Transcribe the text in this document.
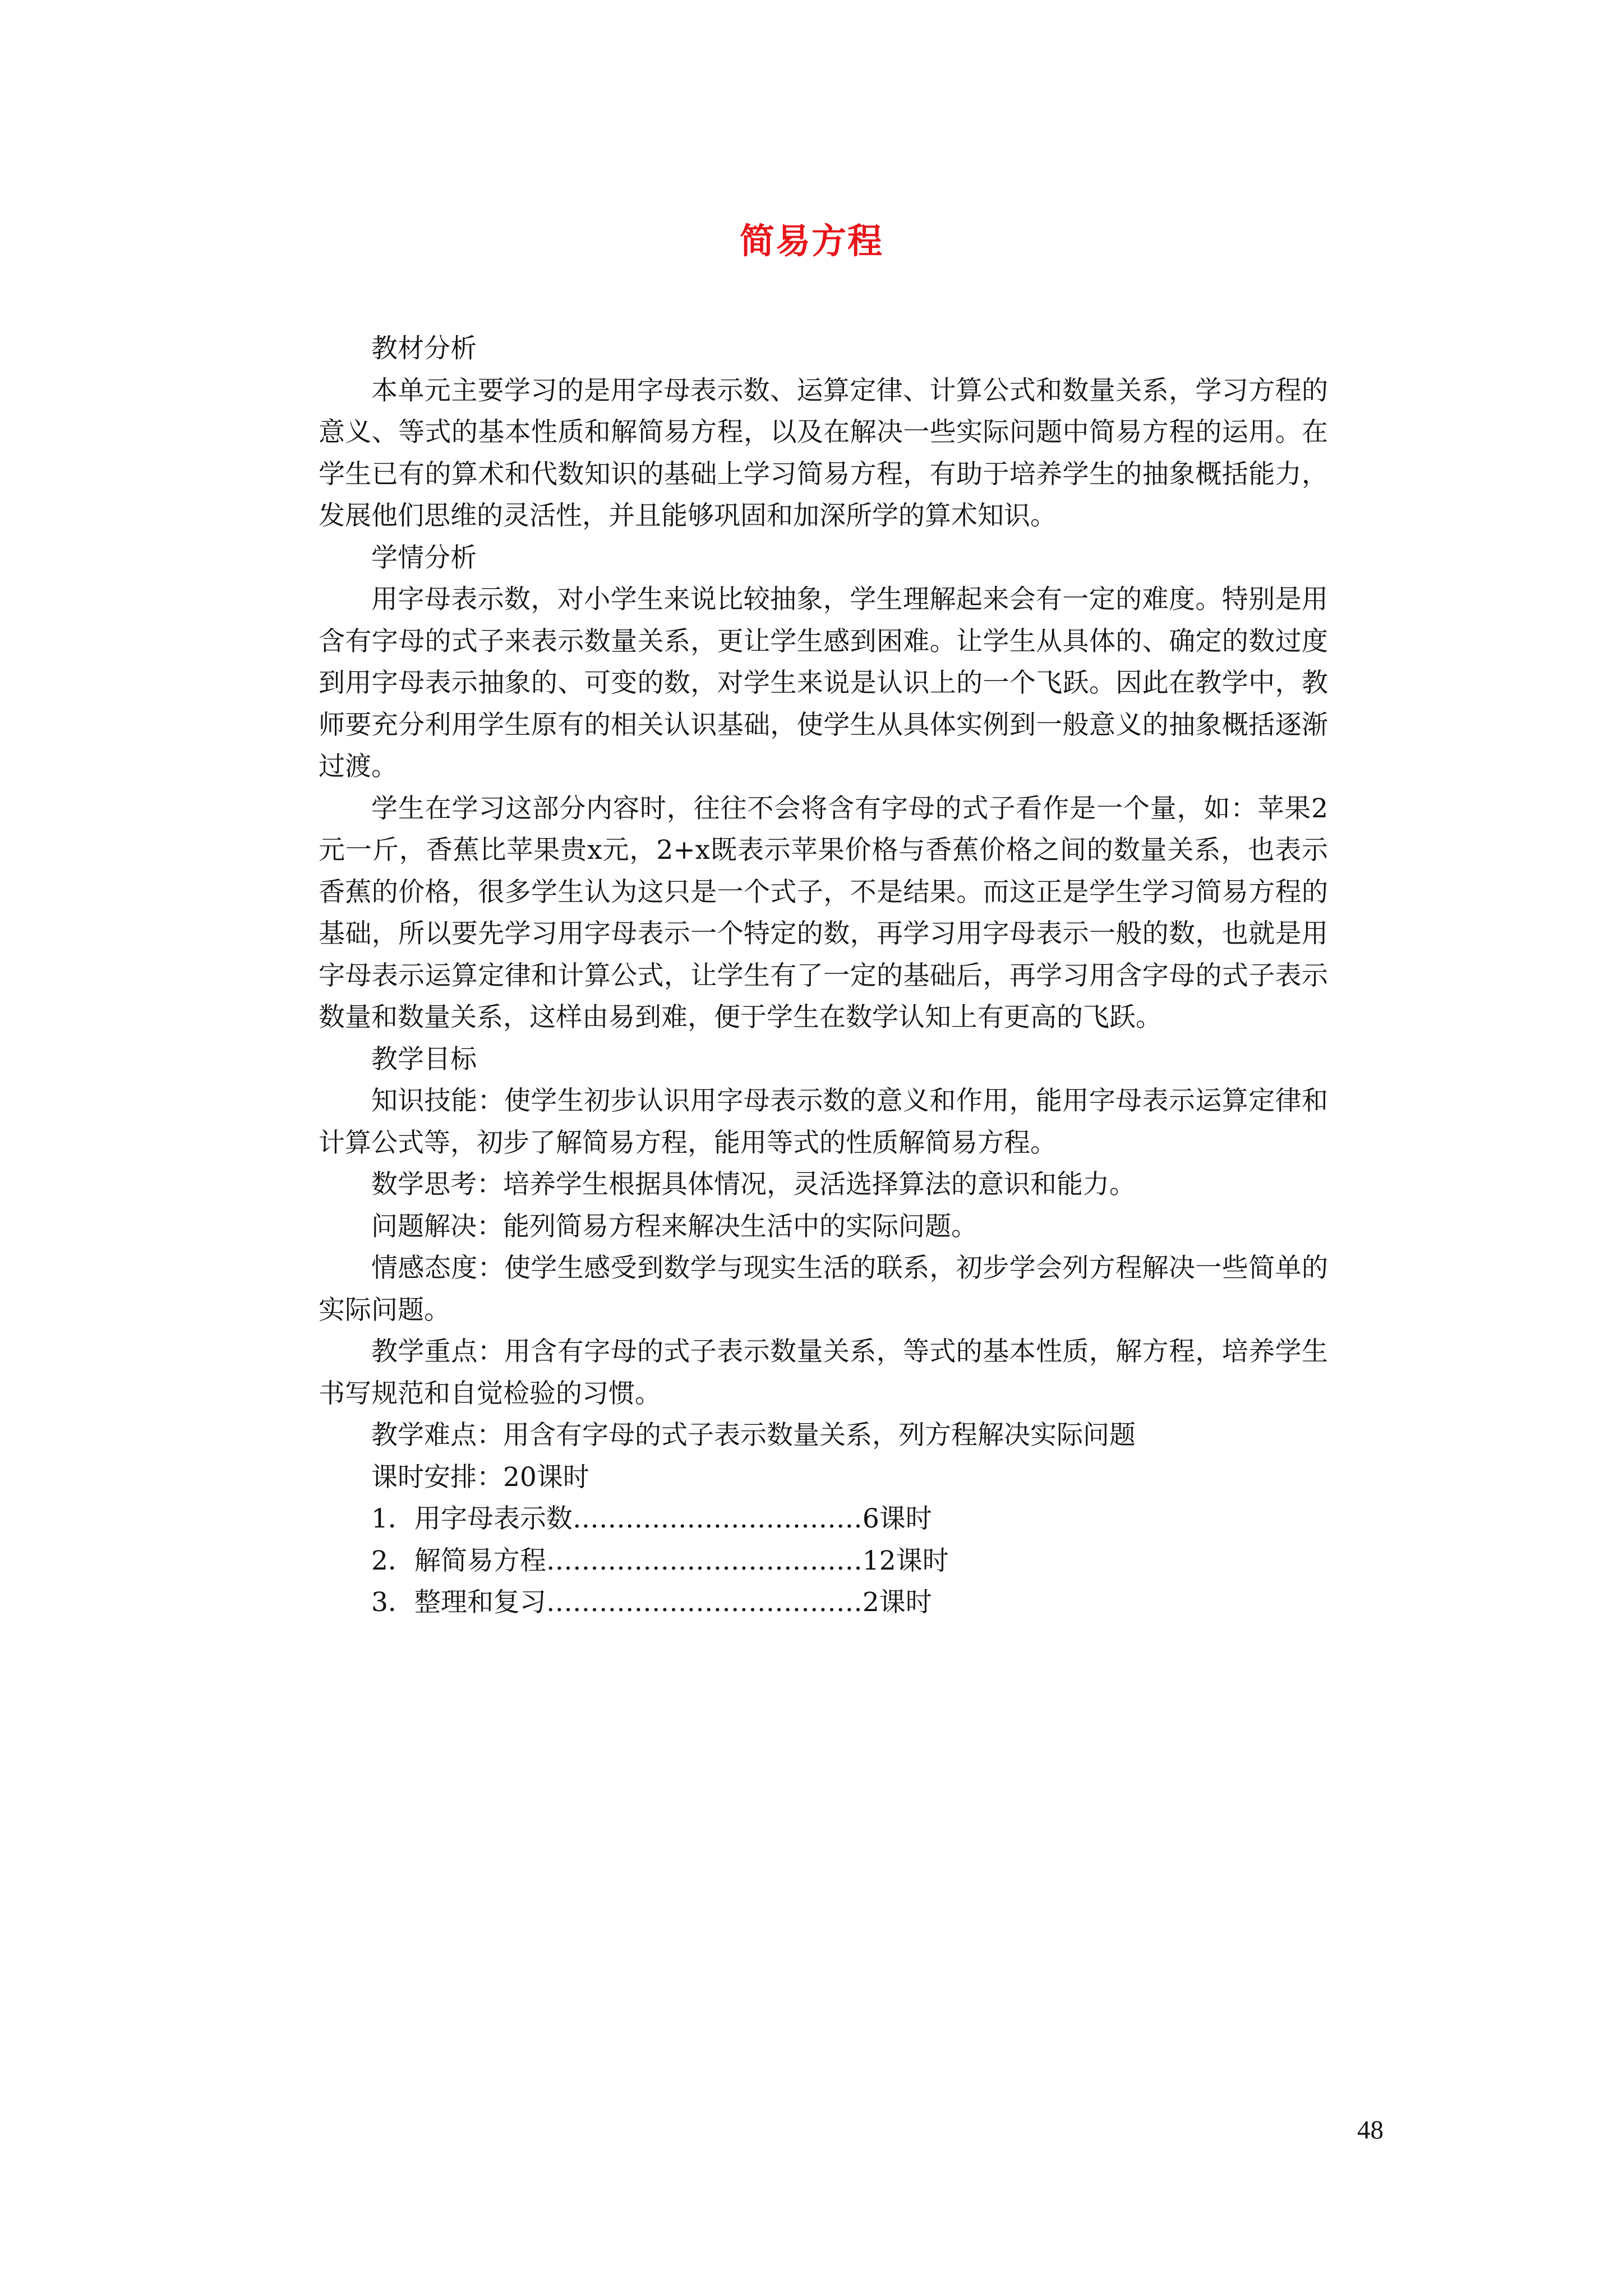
简易方程

教材分析

本单元主要学习的是用字母表示数、运算定律、计算公式和数量关系，学习方程的意义、等式的基本性质和解简易方程，以及在解决一些实际问题中简易方程的运用。在学生已有的算术和代数知识的基础上学习简易方程，有助于培养学生的抽象概括能力，发展他们思维的灵活性，并且能够巩固和加深所学的算术知识。

学情分析

用字母表示数，对小学生来说比较抽象，学生理解起来会有一定的难度。特别是用含有字母的式子来表示数量关系，更让学生感到困难。让学生从具体的、确定的数过度到用字母表示抽象的、可变的数，对学生来说是认识上的一个飞跃。因此在教学中，教师要充分利用学生原有的相关认识基础，使学生从具体实例到一般意义的抽象概括逐渐过渡。

学生在学习这部分内容时，往往不会将含有字母的式子看作是一个量，如：苹果2元一斤，香蕉比苹果贵x元，2+x既表示苹果价格与香蕉价格之间的数量关系，也表示香蕉的价格，很多学生认为这只是一个式子，不是结果。而这正是学生学习简易方程的基础，所以要先学习用字母表示一个特定的数，再学习用字母表示一般的数，也就是用字母表示运算定律和计算公式，让学生有了一定的基础后，再学习用含字母的式子表示数量和数量关系，这样由易到难，便于学生在数学认知上有更高的飞跃。

教学目标

知识技能：使学生初步认识用字母表示数的意义和作用，能用字母表示运算定律和计算公式等，初步了解简易方程，能用等式的性质解简易方程。

数学思考：培养学生根据具体情况，灵活选择算法的意识和能力。

问题解决：能列简易方程来解决生活中的实际问题。

情感态度：使学生感受到数学与现实生活的联系，初步学会列方程解决一些简单的实际问题。

教学重点：用含有字母的式子表示数量关系，等式的基本性质，解方程，培养学生书写规范和自觉检验的习惯。

教学难点：用含有字母的式子表示数量关系，列方程解决实际问题

课时安排：20课时

1．用字母表示数……………………………6课时
2．解简易方程………………………………12课时
3．整理和复习………………………………2课时
48
